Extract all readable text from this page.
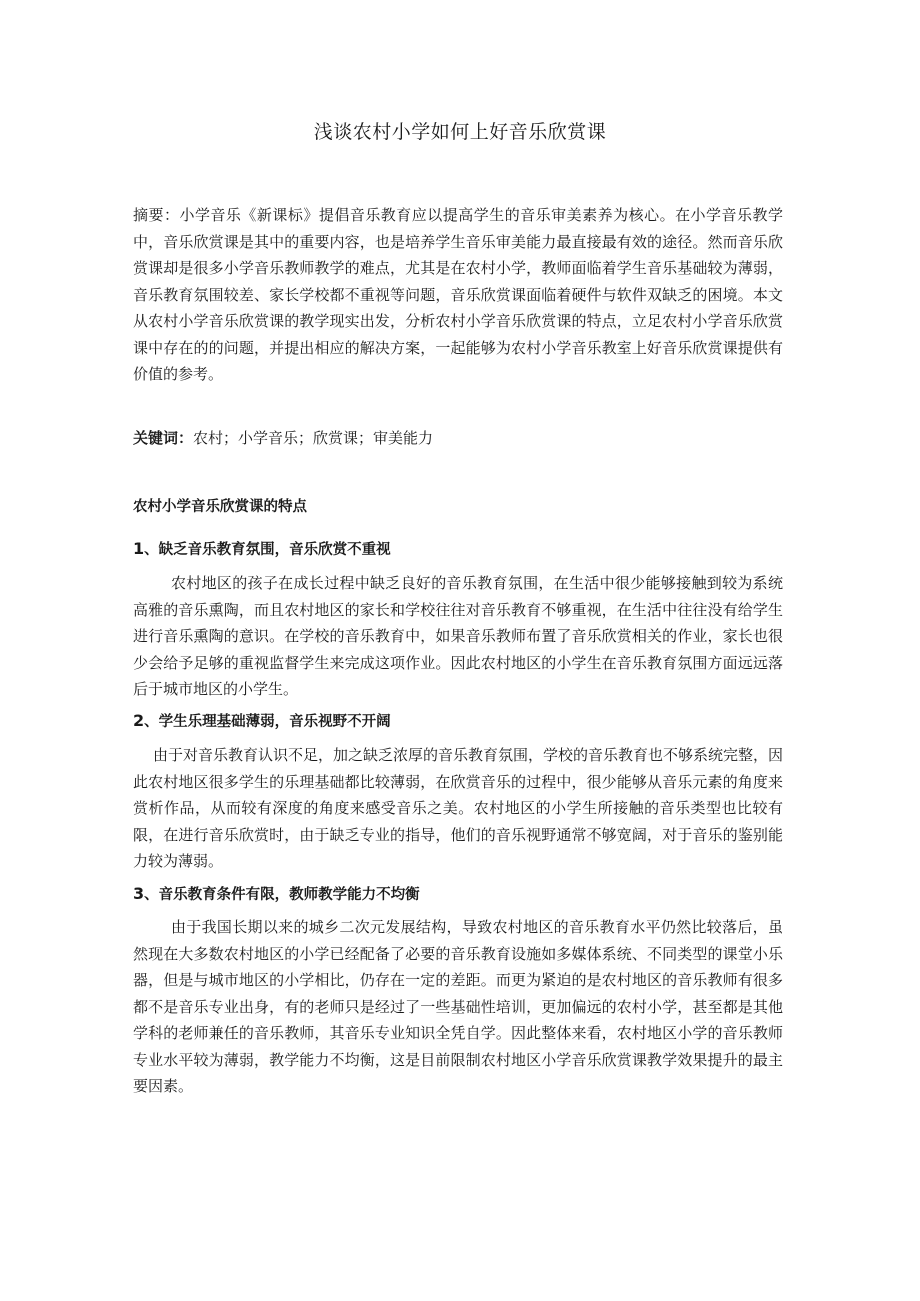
浅谈农村小学如何上好音乐欣赏课

摘要：小学音乐《新课标》提倡音乐教育应以提高学生的音乐审美素养为核心。在小学音乐教学中，音乐欣赏课是其中的重要内容，也是培养学生音乐审美能力最直接最有效的途径。然而音乐欣赏课却是很多小学音乐教师教学的难点，尤其是在农村小学，教师面临着学生音乐基础较为薄弱，音乐教育氛围较差、家长学校都不重视等问题，音乐欣赏课面临着硬件与软件双缺乏的困境。本文从农村小学音乐欣赏课的教学现实出发，分析农村小学音乐欣赏课的特点，立足农村小学音乐欣赏课中存在的的问题，并提出相应的解决方案，一起能够为农村小学音乐教室上好音乐欣赏课提供有价值的参考。

关键词：农村；小学音乐；欣赏课；审美能力

农村小学音乐欣赏课的特点
1、缺乏音乐教育氛围，音乐欣赏不重视

农村地区的孩子在成长过程中缺乏良好的音乐教育氛围，在生活中很少能够接触到较为系统高雅的音乐熏陶，而且农村地区的家长和学校往往对音乐教育不够重视，在生活中往往没有给学生进行音乐熏陶的意识。在学校的音乐教育中，如果音乐教师布置了音乐欣赏相关的作业，家长也很少会给予足够的重视监督学生来完成这项作业。因此农村地区的小学生在音乐教育氛围方面远远落后于城市地区的小学生。

2、学生乐理基础薄弱，音乐视野不开阔

由于对音乐教育认识不足，加之缺乏浓厚的音乐教育氛围，学校的音乐教育也不够系统完整，因此农村地区很多学生的乐理基础都比较薄弱，在欣赏音乐的过程中，很少能够从音乐元素的角度来赏析作品，从而较有深度的角度来感受音乐之美。农村地区的小学生所接触的音乐类型也比较有限，在进行音乐欣赏时，由于缺乏专业的指导，他们的音乐视野通常不够宽阔，对于音乐的鉴别能力较为薄弱。

3、音乐教育条件有限，教师教学能力不均衡

由于我国长期以来的城乡二次元发展结构，导致农村地区的音乐教育水平仍然比较落后，虽然现在大多数农村地区的小学已经配备了必要的音乐教育设施如多媒体系统、不同类型的课堂小乐器，但是与城市地区的小学相比，仍存在一定的差距。而更为紧迫的是农村地区的音乐教师有很多都不是音乐专业出身，有的老师只是经过了一些基础性培训，更加偏远的农村小学，甚至都是其他学科的老师兼任的音乐教师，其音乐专业知识全凭自学。因此整体来看，农村地区小学的音乐教师专业水平较为薄弱，教学能力不均衡，这是目前限制农村地区小学音乐欣赏课教学效果提升的最主要因素。
